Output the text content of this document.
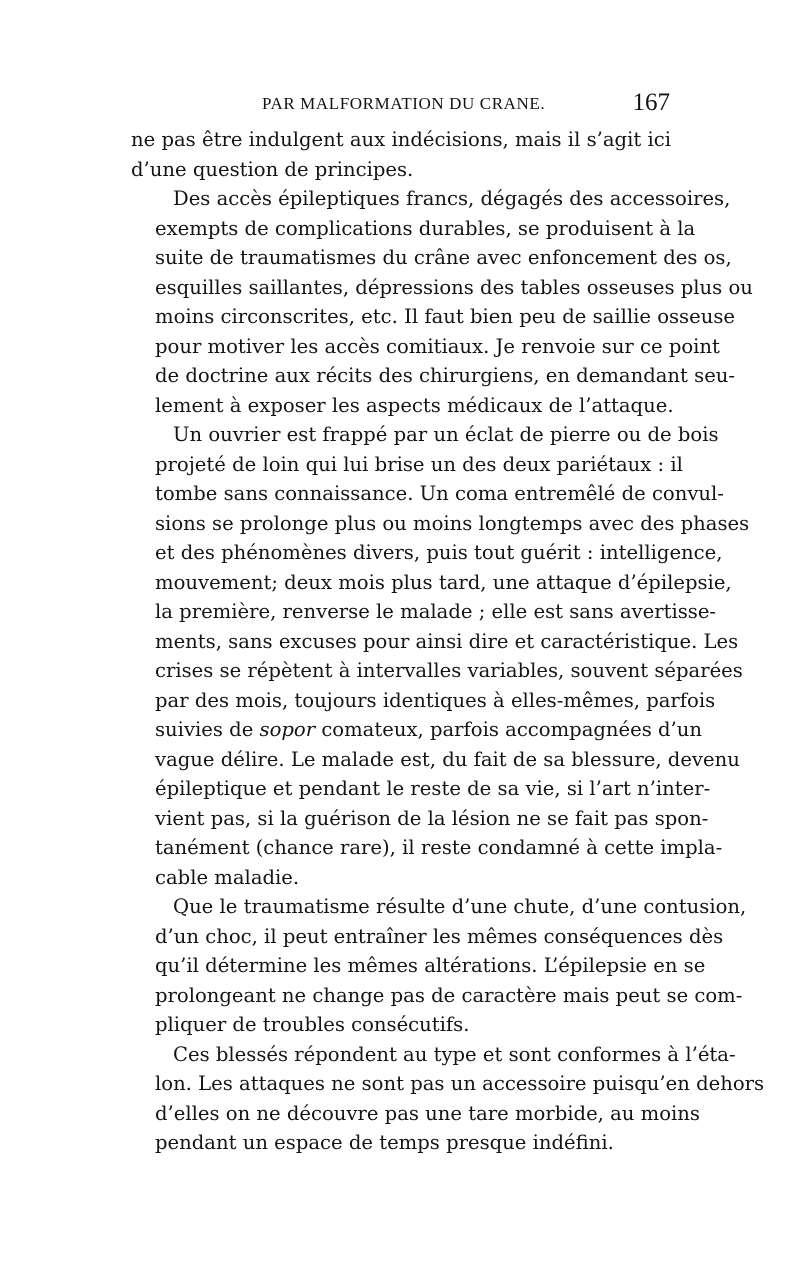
PAR MALFORMATION DU CRANE.	167

ne pas être indulgent aux indécisions, mais il s’agit ici
d’une question de principes.

Des accès épileptiques francs, dégagés des accessoires,
exempts de complications durables, se produisent à la
suite de traumatismes du crâne avec enfoncement des os,
esquilles saillantes, dépressions des tables osseuses plus ou
moins circonscrites, etc. Il faut bien peu de saillie osseuse
pour motiver les accès comitiaux. Je renvoie sur ce point
de doctrine aux récits des chirurgiens, en demandant seu-
lement à exposer les aspects médicaux de l’attaque.

Un ouvrier est frappé par un éclat de pierre ou de bois
projeté de loin qui lui brise un des deux pariétaux : il
tombe sans connaissance. Un coma entremêlé de convul-
sions se prolonge plus ou moins longtemps avec des phases
et des phénomènes divers, puis tout guérit : intelligence,
mouvement; deux mois plus tard, une attaque d’épilepsie,
la première, renverse le malade ; elle est sans avertisse-
ments, sans excuses pour ainsi dire et caractéristique. Les
crises se répètent à intervalles variables, souvent séparées
par des mois, toujours identiques à elles-mêmes, parfois
suivies de sopor comateux, parfois accompagnées d’un
vague délire. Le malade est, du fait de sa blessure, devenu
épileptique et pendant le reste de sa vie, si l’art n’inter-
vient pas, si la guérison de la lésion ne se fait pas spon-
tanément (chance rare), il reste condamné à cette impla-
cable maladie.

Que le traumatisme résulte d’une chute, d’une contusion,
d’un choc, il peut entraîner les mêmes conséquences dès
qu’il détermine les mêmes altérations. L’épilepsie en se
prolongeant ne change pas de caractère mais peut se com-
pliquer de troubles consécutifs.

Ces blessés répondent au type et sont conformes à l’éta-
lon. Les attaques ne sont pas un accessoire puisqu’en dehors
d’elles on ne découvre pas une tare morbide, au moins
pendant un espace de temps presque indéfini.
